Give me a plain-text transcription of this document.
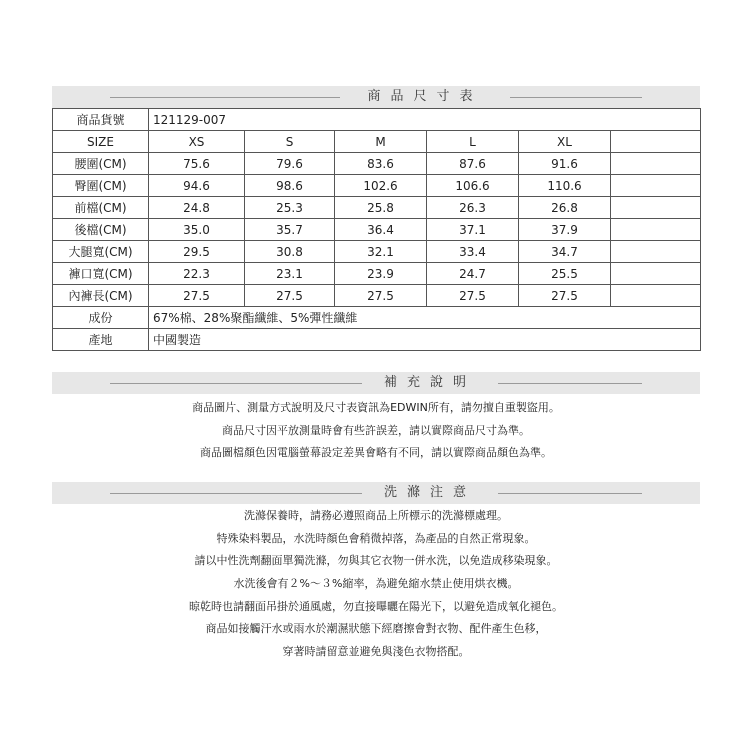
商品尺寸表
商品貨號	121129-007					
SIZE	XS	S	M	L	XL	
腰圍(CM)	75.6	79.6	83.6	87.6	91.6	
臀圍(CM)	94.6	98.6	102.6	106.6	110.6	
前檔(CM)	24.8	25.3	25.8	26.3	26.8	
後檔(CM)	35.0	35.7	36.4	37.1	37.9	
大腿寬(CM)	29.5	30.8	32.1	33.4	34.7	
褲口寬(CM)	22.3	23.1	23.9	24.7	25.5	
內褲長(CM)	27.5	27.5	27.5	27.5	27.5	
成份	67%棉、28%聚酯纖維、5%彈性纖維					
產地	中國製造					
補充說明
商品圖片、測量方式說明及尺寸表資訊為EDWIN所有，請勿擅自重製盜用。
商品尺寸因平放測量時會有些許誤差，請以實際商品尺寸為準。
商品圖檔顏色因電腦螢幕設定差異會略有不同，請以實際商品顏色為準。
洗滌注意
洗滌保養時，請務必遵照商品上所標示的洗滌標處理。
特殊染料製品，水洗時顏色會稍微掉落，為產品的自然正常現象。
請以中性洗劑翻面單獨洗滌，勿與其它衣物一併水洗，以免造成移染現象。
水洗後會有２%～３%縮率，為避免縮水禁止使用烘衣機。
晾乾時也請翻面吊掛於通風處，勿直接曝曬在陽光下，以避免造成氧化褪色。
商品如接觸汗水或雨水於潮濕狀態下經磨擦會對衣物、配件產生色移，
穿著時請留意並避免與淺色衣物搭配。
